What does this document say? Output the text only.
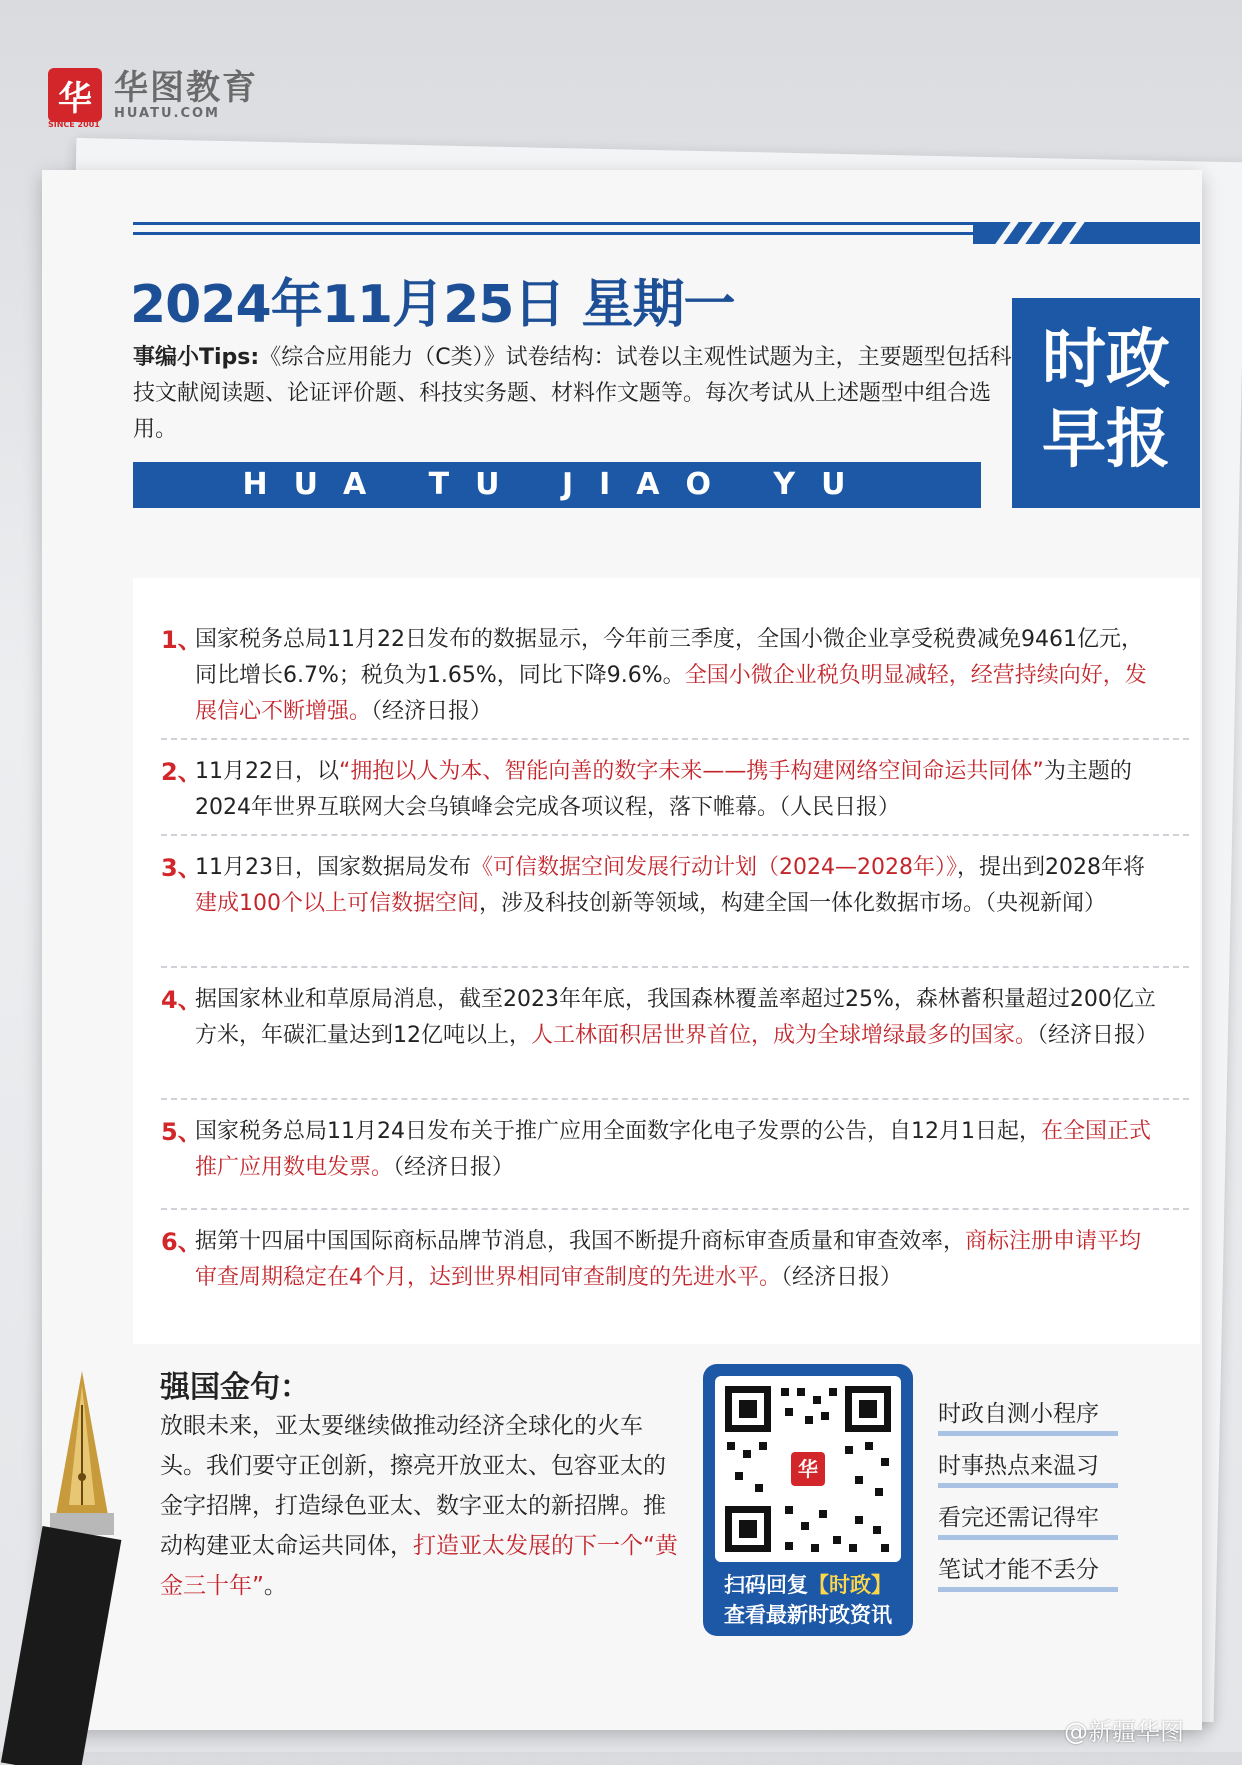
华
SINCE 2001
华图教育
HUATU.COM
2024年11月25日 星期一
事编小Tips:《综合应用能力（C类）》试卷结构：试卷以主观性试题为主，主要题型包括科技文献阅读题、论证评价题、科技实务题、材料作文题等。每次考试从上述题型中组合选用。
HUA TU JIAO YU
时政
早报
1、
国家税务总局11月22日发布的数据显示，今年前三季度，全国小微企业享受税费减免9461亿元，同比增长6.7%；税负为1.65%，同比下降9.6%。全国小微企业税负明显减轻，经营持续向好，发展信心不断增强。（经济日报）
2、
11月22日，以“拥抱以人为本、智能向善的数字未来——携手构建网络空间命运共同体”为主题的2024年世界互联网大会乌镇峰会完成各项议程，落下帷幕。（人民日报）
3、
11月23日，国家数据局发布《可信数据空间发展行动计划（2024—2028年）》，提出到2028年将建成100个以上可信数据空间，涉及科技创新等领域，构建全国一体化数据市场。（央视新闻）
4、
据国家林业和草原局消息，截至2023年年底，我国森林覆盖率超过25%，森林蓄积量超过200亿立方米，年碳汇量达到12亿吨以上，人工林面积居世界首位，成为全球增绿最多的国家。（经济日报）
5、
国家税务总局11月24日发布关于推广应用全面数字化电子发票的公告，自12月1日起，在全国正式推广应用数电发票。（经济日报）
6、
据第十四届中国国际商标品牌节消息，我国不断提升商标审查质量和审查效率，商标注册申请平均审查周期稳定在4个月，达到世界相同审查制度的先进水平。（经济日报）
强国金句：
放眼未来，亚太要继续做推动经济全球化的火车头。我们要守正创新，擦亮开放亚太、包容亚太的金字招牌，打造绿色亚太、数字亚太的新招牌。推动构建亚太命运共同体，打造亚太发展的下一个“黄金三十年”。
华
扫码回复【时政】
查看最新时政资讯
时政自测小程序
时事热点来温习
看完还需记得牢
笔试才能不丢分
@新疆华图
